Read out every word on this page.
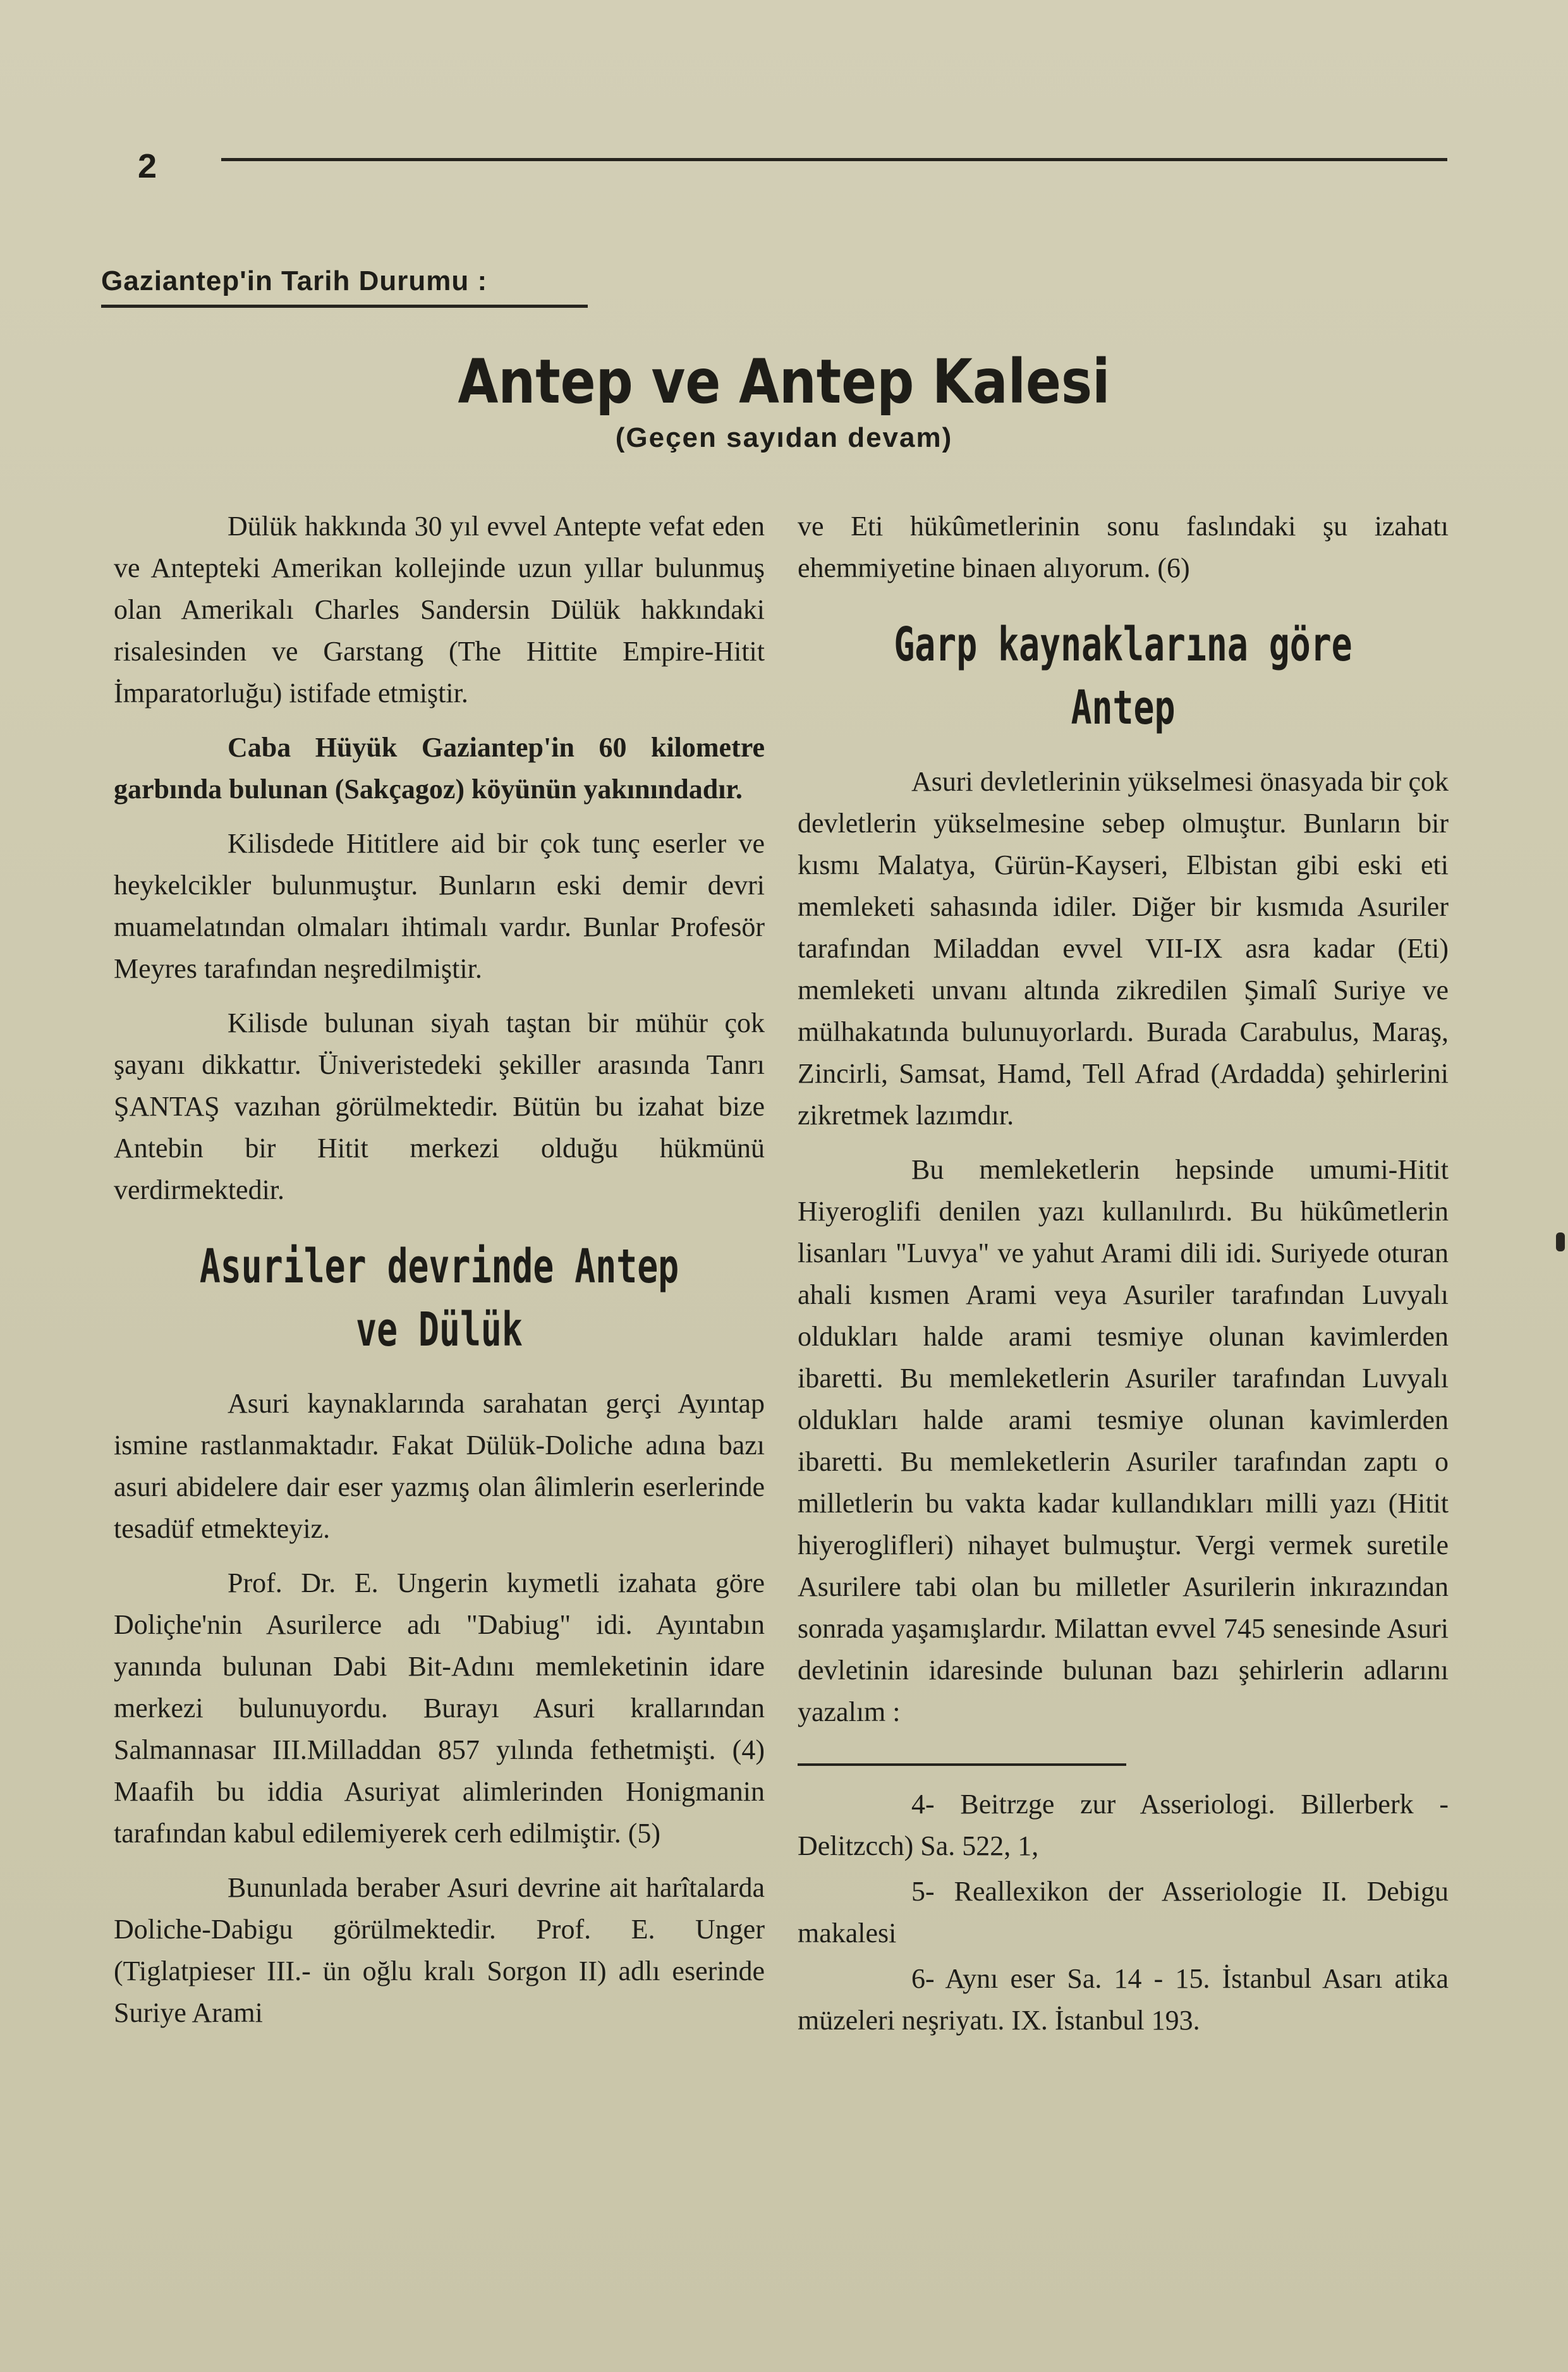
2
Gaziantep'in Tarih Durumu :
Antep ve Antep Kalesi
(Geçen sayıdan devam)

Dülük hakkında 30 yıl evvel Antepte vefat eden ve Antepteki Amerikan kollejinde uzun yıllar bulunmuş olan Amerikalı Charles Sandersin Dülük hakkındaki risalesinden ve Garstang (The Hittite Empire-Hitit İmparatorluğu) istifade etmiştir.

Caba Hüyük Gaziantep'in 60 kilometre garbında bulunan (Sakçagoz) köyünün yakınındadır.

Kilisdede Hititlere aid bir çok tunç eserler ve heykelcikler bulunmuştur. Bunların eski demir devri muamelatından olmaları ihtimalı vardır. Bunlar Profesör Meyres tarafından neşredilmiştir.

Kilisde bulunan siyah taştan bir mühür çok şayanı dikkattır. Üniveristedeki şekiller arasında Tanrı ŞANTAŞ vazıhan görülmektedir. Bütün bu izahat bize Antebin bir Hitit merkezi olduğu hükmünü verdirmektedir.

Asuriler devrinde Antep ve Dülük

Asuri kaynaklarında sarahatan gerçi Ayıntap ismine rastlanmaktadır. Fakat Dülük-Doliche adına bazı asuri abidelere dair eser yazmış olan âlimlerin eserlerinde tesadüf etmekteyiz.

Prof. Dr. E. Ungerin kıymetli izahata göre Doliçhe'nin Asurilerce adı "Dabiug" idi. Ayıntabın yanında bulunan Dabi Bit-Adını memleketinin idare merkezi bulunuyordu. Burayı Asuri krallarından Salmannasar III.Milladdan 857 yılında fethetmişti. (4) Maafih bu iddia Asuriyat alimlerinden Honigmanin tarafından kabul edilemiyerek cerh edilmiştir. (5)

Bununlada beraber Asuri devrine ait harîtalarda Doliche-Dabigu görülmektedir. Prof. E. Unger (Tiglatpieser III.- ün oğlu kralı Sorgon II) adlı eserinde Suriye Arami

ve Eti hükûmetlerinin sonu faslındaki şu izahatı ehemmiyetine binaen alıyorum. (6)

Garp kaynaklarına göre Antep

Asuri devletlerinin yükselmesi önasyada bir çok devletlerin yükselmesine sebep olmuştur. Bunların bir kısmı Malatya, Gürün-Kayseri, Elbistan gibi eski eti memleketi sahasında idiler. Diğer bir kısmıda Asuriler tarafından Miladdan evvel VII-IX asra kadar (Eti) memleketi unvanı altında zikredilen Şimalî Suriye ve mülhakatında bulunuyorlardı. Burada Carabulus, Maraş, Zincirli, Samsat, Hamd, Tell Afrad (Ardadda) şehirlerini zikretmek lazımdır.

Bu memleketlerin hepsinde umumi-Hitit Hiyeroglifi denilen yazı kullanılırdı. Bu hükûmetlerin lisanları "Luvya" ve yahut Arami dili idi. Suriyede oturan ahali kısmen Arami veya Asuriler tarafından Luvyalı oldukları halde arami tesmiye olunan kavimlerden ibaretti. Bu memleketlerin Asuriler tarafından Luvyalı oldukları halde arami tesmiye olunan kavimlerden ibaretti. Bu memleketlerin Asuriler tarafından zaptı o milletlerin bu vakta kadar kullandıkları milli yazı (Hitit hiyeroglifleri) nihayet bulmuştur. Vergi vermek suretile Asurilere tabi olan bu milletler Asurilerin inkırazından sonrada yaşamışlardır. Milattan evvel 745 senesinde Asuri devletinin idaresinde bulunan bazı şehirlerin adlarını yazalım :

4- Beitrzge zur Asseriologi. Billerberk -Delitzcch) Sa. 522, 1,

5- Reallexikon der Asseriologie II. Debigu makalesi

6- Aynı eser Sa. 14 - 15. İstanbul Asarı atika müzeleri neşriyatı. IX. İstanbul 193.
